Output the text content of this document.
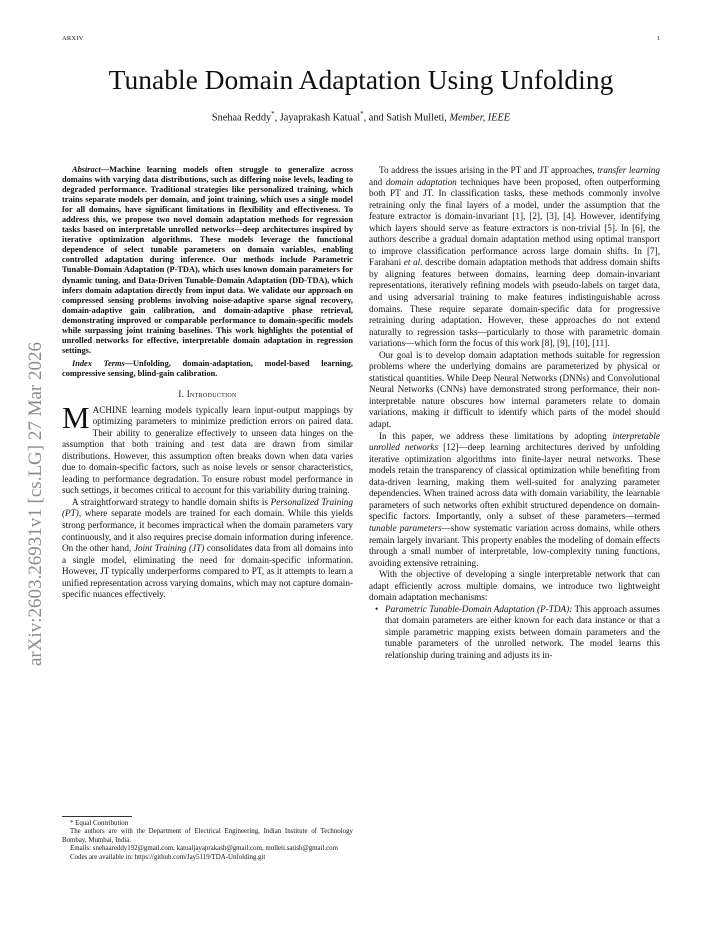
ARXIV	1
arXiv:2603.26931v1 [cs.LG] 27 Mar 2026
Tunable Domain Adaptation Using Unfolding

Snehaa Reddy*, Jayaprakash Katual*, and Satish Mulleti, Member, IEEE

Abstract—Machine learning models often struggle to generalize across domains with varying data distributions, such as differing noise levels, leading to degraded performance. Traditional strategies like personalized training, which trains separate models per domain, and joint training, which uses a single model for all domains, have significant limitations in flexibility and effectiveness. To address this, we propose two novel domain adaptation methods for regression tasks based on interpretable unrolled networks—deep architectures inspired by iterative optimization algorithms. These models leverage the functional dependence of select tunable parameters on domain variables, enabling controlled adaptation during inference. Our methods include Parametric Tunable-Domain Adaptation (P-TDA), which uses known domain parameters for dynamic tuning, and Data-Driven Tunable-Domain Adaptation (DD-TDA), which infers domain adaptation directly from input data. We validate our approach on compressed sensing problems involving noise-adaptive sparse signal recovery, domain-adaptive gain calibration, and domain-adaptive phase retrieval, demonstrating improved or comparable performance to domain-specific models while surpassing joint training baselines. This work highlights the potential of unrolled networks for effective, interpretable domain adaptation in regression settings.

Index Terms—Unfolding, domain-adaptation, model-based learning, compressive sensing, blind-gain calibration.

I. Introduction

MACHINE learning models typically learn input-output mappings by optimizing parameters to minimize prediction errors on paired data. Their ability to generalize effectively to unseen data hinges on the assumption that both training and test data are drawn from similar distributions. However, this assumption often breaks down when data varies due to domain-specific factors, such as noise levels or sensor characteristics, leading to performance degradation. To ensure robust model performance in such settings, it becomes critical to account for this variability during training.

A straightforward strategy to handle domain shifts is Personalized Training (PT), where separate models are trained for each domain. While this yields strong performance, it becomes impractical when the domain parameters vary continuously, and it also requires precise domain information during inference. On the other hand, Joint Training (JT) consolidates data from all domains into a single model, eliminating the need for domain-specific information. However, JT typically underperforms compared to PT, as it attempts to learn a unified representation across varying domains, which may not capture domain-specific nuances effectively.

* Equal Contribution

The authors are with the Department of Electrical Engineering, Indian Institute of Technology Bombay, Mumbai, India.

Emails: snehaareddy192@gmail.com, katualjayaprakash@gmail.com, mulleti.satish@gmail.com

Codes are available in: https://github.com/Jay5119/TDA-Unfolding.git

To address the issues arising in the PT and JT approaches, transfer learning and domain adaptation techniques have been proposed, often outperforming both PT and JT. In classification tasks, these methods commonly involve retraining only the final layers of a model, under the assumption that the feature extractor is domain-invariant [1], [2], [3], [4]. However, identifying which layers should serve as feature extractors is non-trivial [5]. In [6], the authors describe a gradual domain adaptation method using optimal transport to improve classification performance across large domain shifts. In [7], Farahani et al. describe domain adaptation methods that address domain shifts by aligning features between domains, learning deep domain-invariant representations, iteratively refining models with pseudo-labels on target data, and using adversarial training to make features indistinguishable across domains. These require separate domain-specific data for progressive retraining during adaptation. However, these approaches do not extend naturally to regression tasks—particularly to those with parametric domain variations—which form the focus of this work [8], [9], [10], [11].

Our goal is to develop domain adaptation methods suitable for regression problems where the underlying domains are parameterized by physical or statistical quantities. While Deep Neural Networks (DNNs) and Convolutional Neural Networks (CNNs) have demonstrated strong performance, their non-interpretable nature obscures how internal parameters relate to domain variations, making it difficult to identify which parts of the model should adapt.

In this paper, we address these limitations by adopting interpretable unrolled networks [12]—deep learning architectures derived by unfolding iterative optimization algorithms into finite-layer neural networks. These models retain the transparency of classical optimization while benefiting from data-driven learning, making them well-suited for analyzing parameter dependencies. When trained across data with domain variability, the learnable parameters of such networks often exhibit structured dependence on domain-specific factors. Importantly, only a subset of these parameters—termed tunable parameters—show systematic variation across domains, while others remain largely invariant. This property enables the modeling of domain effects through a small number of interpretable, low-complexity tuning functions, avoiding extensive retraining.

With the objective of developing a single interpretable network that can adapt efficiently across multiple domains, we introduce two lightweight domain adaptation mechanisms:

• Parametric Tunable-Domain Adaptation (P-TDA): This approach assumes that domain parameters are either known for each data instance or that a simple parametric mapping exists between domain parameters and the tunable parameters of the unrolled network. The model learns this relationship during training and adjusts its in-
